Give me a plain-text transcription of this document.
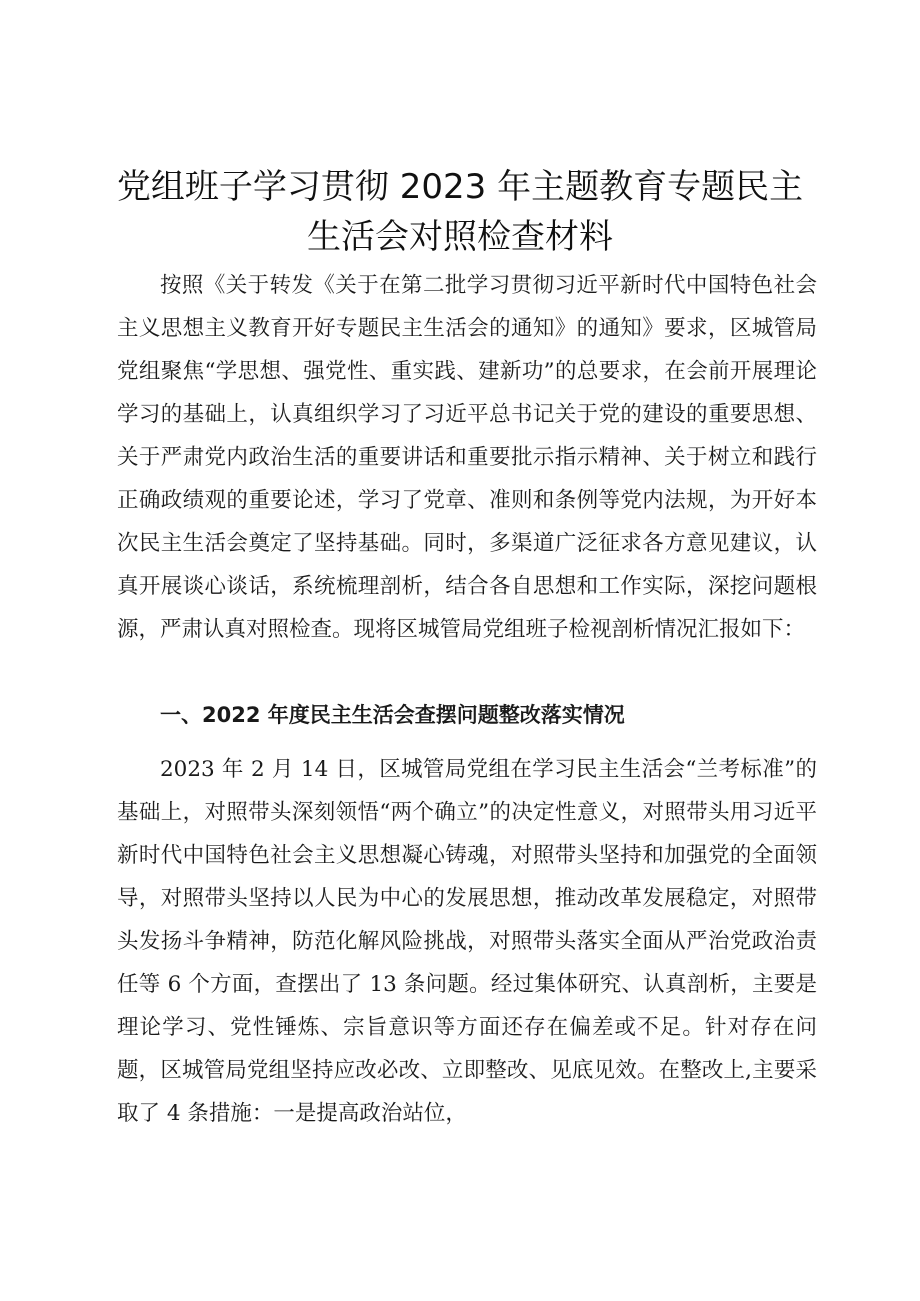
党组班子学习贯彻 2023 年主题教育专题民主
生活会对照检查材料

按照《关于转发《关于在第二批学习贯彻习近平新时代中国特色社会主义思想主义教育开好专题民主生活会的通知》的通知》要求，区城管局党组聚焦“学思想、强党性、重实践、建新功”的总要求，在会前开展理论学习的基础上，认真组织学习了习近平总书记关于党的建设的重要思想、关于严肃党内政治生活的重要讲话和重要批示指示精神、关于树立和践行正确政绩观的重要论述，学习了党章、准则和条例等党内法规，为开好本次民主生活会奠定了坚持基础。同时，多渠道广泛征求各方意见建议，认真开展谈心谈话，系统梳理剖析，结合各自思想和工作实际，深挖问题根源，严肃认真对照检查。现将区城管局党组班子检视剖析情况汇报如下：

一、2022 年度民主生活会查摆问题整改落实情况

2023 年 2 月 14 日，区城管局党组在学习民主生活会“兰考标准”的基础上，对照带头深刻领悟“两个确立”的决定性意义，对照带头用习近平新时代中国特色社会主义思想凝心铸魂，对照带头坚持和加强党的全面领导，对照带头坚持以人民为中心的发展思想，推动改革发展稳定，对照带头发扬斗争精神，防范化解风险挑战，对照带头落实全面从严治党政治责任等 6 个方面，查摆出了 13 条问题。经过集体研究、认真剖析，主要是理论学习、党性锤炼、宗旨意识等方面还存在偏差或不足。针对存在问题，区城管局党组坚持应改必改、立即整改、见底见效。在整改上,主要采取了 4 条措施：一是提高政治站位，
